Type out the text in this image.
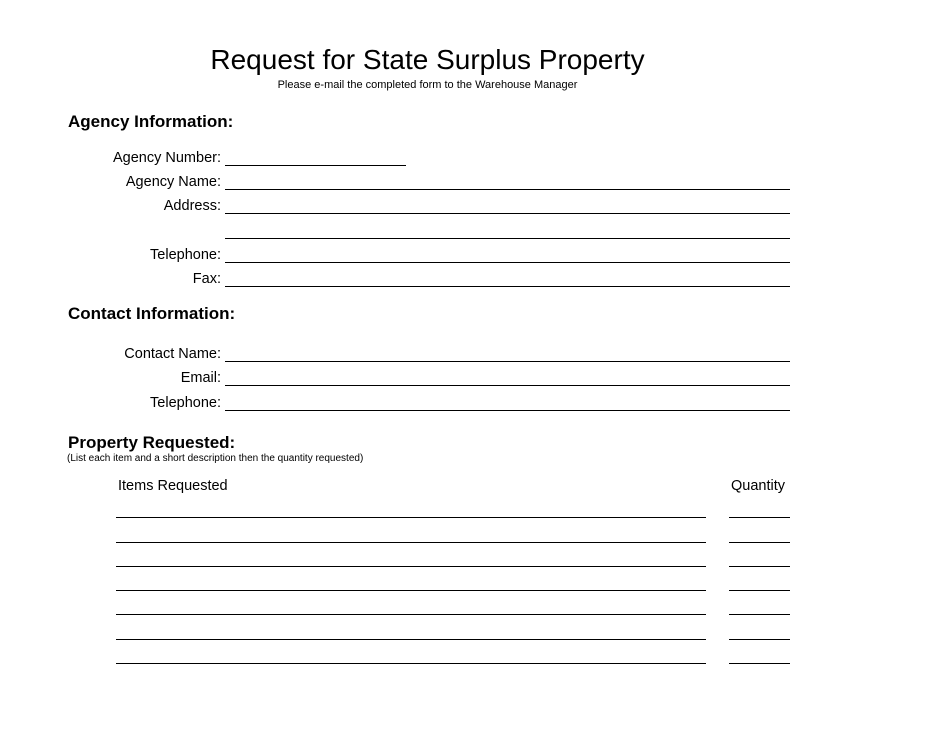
Request for State Surplus Property
Please e-mail the completed form to the Warehouse Manager
Agency Information:
Agency Number:
Agency Name:
Address:
Telephone:
Fax:
Contact Information:
Contact Name:
Email:
Telephone:
Property Requested:
(List each item and a short description then the quantity requested)
Items Requested	Quantity
